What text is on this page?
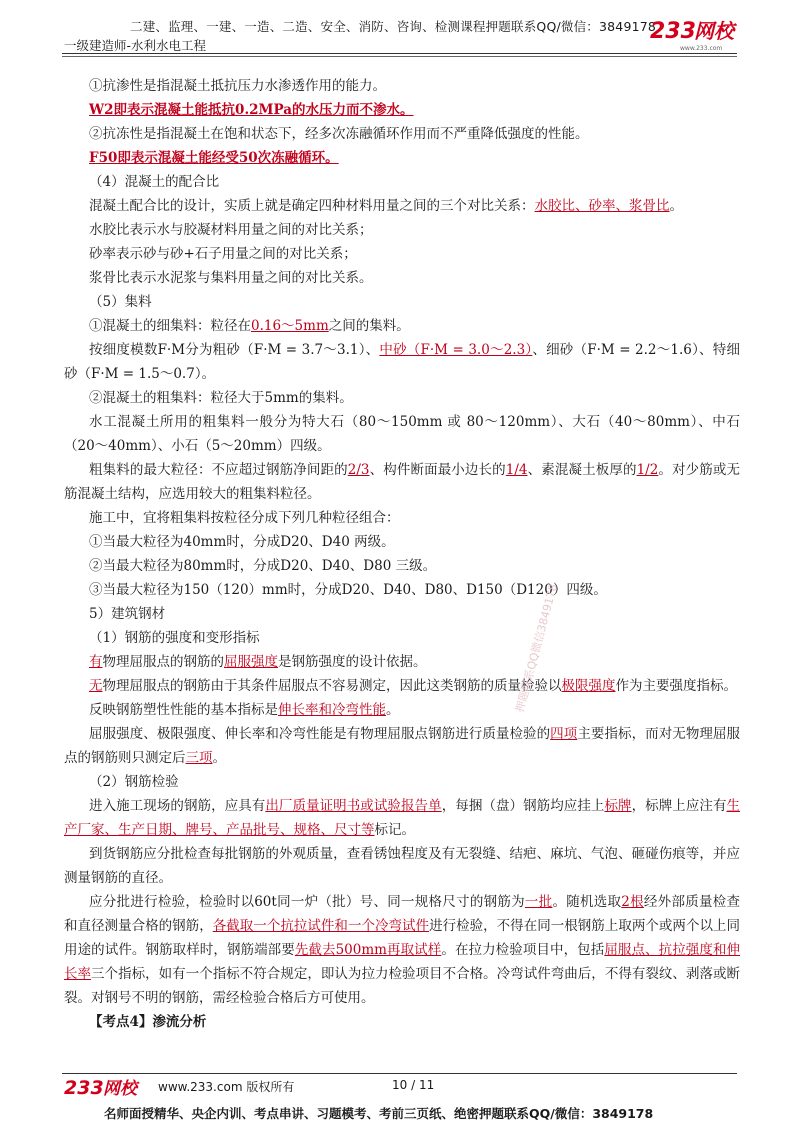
二建、监理、一建、一造、二造、安全、消防、咨询、检测课程押题联系QQ/微信：3849178
一级建造师-水利水电工程
233
网校
www.233.com

①抗渗性是指混凝土抵抗压力水渗透作用的能力。

W2即表示混凝土能抵抗0.2MPa的水压力而不渗水。

②抗冻性是指混凝土在饱和状态下，经多次冻融循环作用而不严重降低强度的性能。

F50即表示混凝土能经受50次冻融循环。

（4）混凝土的配合比

混凝土配合比的设计，实质上就是确定四种材料用量之间的三个对比关系：水胶比、砂率、浆骨比。

水胶比表示水与胶凝材料用量之间的对比关系；

砂率表示砂与砂+石子用量之间的对比关系；

浆骨比表示水泥浆与集料用量之间的对比关系。

（5）集料

①混凝土的细集料：粒径在0.16～5mm之间的集料。

按细度模数F·M分为粗砂（F·M = 3.7～3.1）、中砂（F·M = 3.0～2.3）、细砂（F·M = 2.2～1.6）、特细砂（F·M = 1.5～0.7）。

②混凝土的粗集料：粒径大于5mm的集料。

水工混凝土所用的粗集料一般分为特大石（80～150mm 或 80～120mm）、大石（40～80mm）、中石（20～40mm）、小石（5～20mm）四级。

粗集料的最大粒径：不应超过钢筋净间距的2/3、构件断面最小边长的1/4、素混凝土板厚的1/2。对少筋或无筋混凝土结构，应选用较大的粗集料粒径。

施工中，宜将粗集料按粒径分成下列几种粒径组合：

①当最大粒径为40mm时，分成D20、D40 两级。

②当最大粒径为80mm时，分成D20、D40、D80 三级。

③当最大粒径为150（120）mm时，分成D20、D40、D80、D150（D120）四级。

5）建筑钢材

（1）钢筋的强度和变形指标

有物理屈服点的钢筋的屈服强度是钢筋强度的设计依据。

无物理屈服点的钢筋由于其条件屈服点不容易测定，因此这类钢筋的质量检验以极限强度作为主要强度指标。

反映钢筋塑性性能的基本指标是伸长率和冷弯性能。

屈服强度、极限强度、伸长率和冷弯性能是有物理屈服点钢筋进行质量检验的四项主要指标，而对无物理屈服点的钢筋则只测定后三项。

（2）钢筋检验

进入施工现场的钢筋，应具有出厂质量证明书或试验报告单，每捆（盘）钢筋均应挂上标牌，标牌上应注有生产厂家、生产日期、牌号、产品批号、规格、尺寸等标记。

到货钢筋应分批检查每批钢筋的外观质量，查看锈蚀程度及有无裂缝、结疤、麻坑、气泡、砸碰伤痕等，并应测量钢筋的直径。

应分批进行检验，检验时以60t同一炉（批）号、同一规格尺寸的钢筋为一批。随机选取2根经外部质量检查和直径测量合格的钢筋，各截取一个抗拉试件和一个冷弯试件进行检验，不得在同一根钢筋上取两个或两个以上同用途的试件。钢筋取样时，钢筋端部要先截去500mm再取试样。在拉力检验项目中，包括屈服点、抗拉强度和伸长率三个指标，如有一个指标不符合规定，即认为拉力检验项目不合格。冷弯试件弯曲后，不得有裂纹、剥落或断裂。对钢号不明的钢筋，需经检验合格后方可使用。

【考点4】渗流分析

押题联系QQ微信3849178
233 网校 www.233.com 版权所有	10 / 11
名师面授精华、央企内训、考点串讲、习题模考、考前三页纸、绝密押题联系QQ/微信：3849178
